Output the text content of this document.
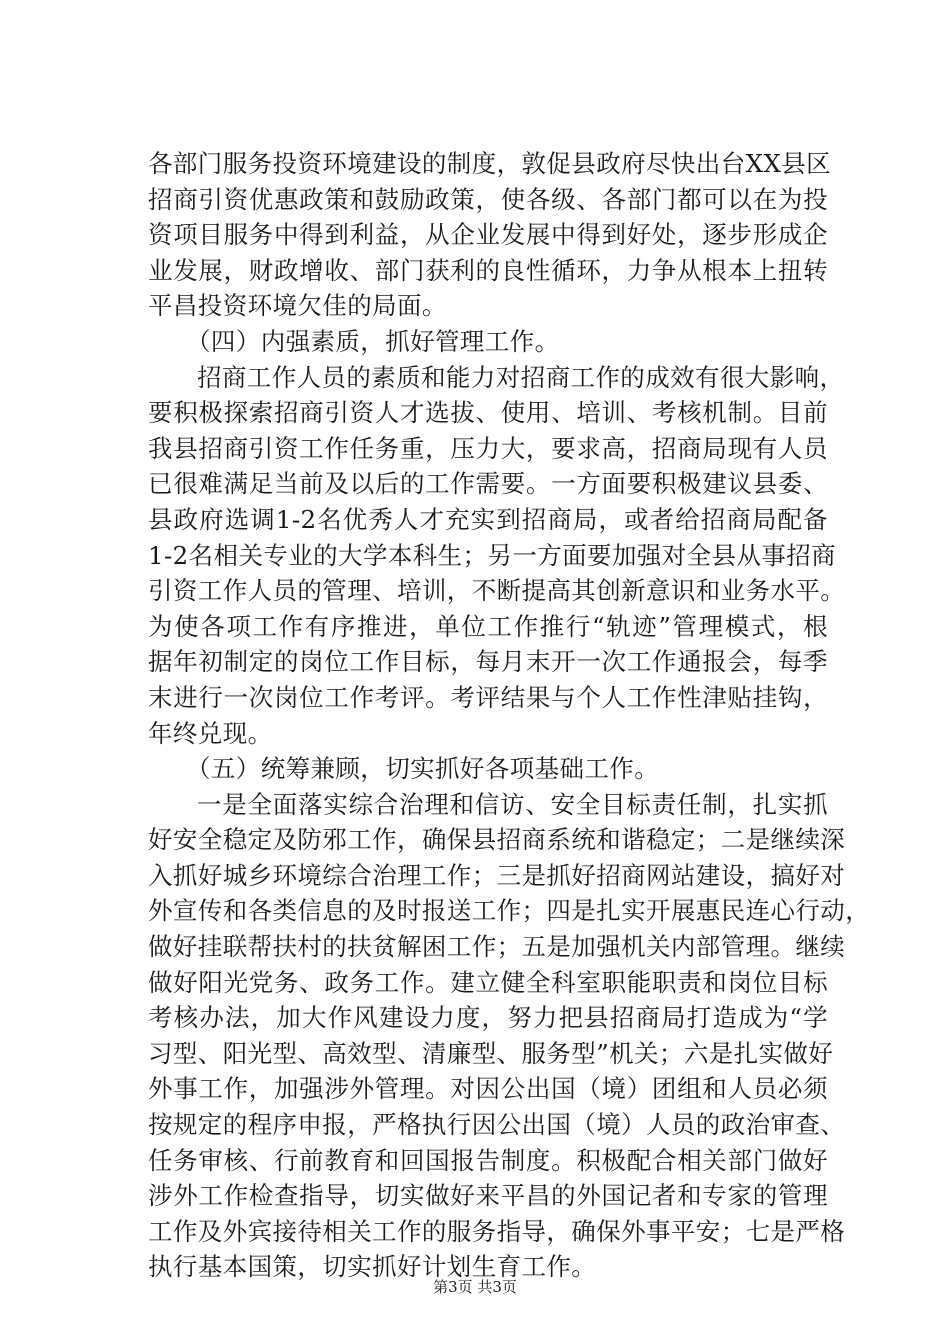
各部门服务投资环境建设的制度，敦促县政府尽快出台XX县区
招商引资优惠政策和鼓励政策，使各级、各部门都可以在为投
资项目服务中得到利益，从企业发展中得到好处，逐步形成企
业发展，财政增收、部门获利的良性循环，力争从根本上扭转
平昌投资环境欠佳的局面。
（四）内强素质，抓好管理工作。
招商工作人员的素质和能力对招商工作的成效有很大影响，
要积极探索招商引资人才选拔、使用、培训、考核机制。目前
我县招商引资工作任务重，压力大，要求高，招商局现有人员
已很难满足当前及以后的工作需要。一方面要积极建议县委、
县政府选调1-2名优秀人才充实到招商局，或者给招商局配备
1-2名相关专业的大学本科生；另一方面要加强对全县从事招商
引资工作人员的管理、培训，不断提高其创新意识和业务水平。
为使各项工作有序推进，单位工作推行“轨迹”管理模式，根
据年初制定的岗位工作目标，每月末开一次工作通报会，每季
末进行一次岗位工作考评。考评结果与个人工作性津贴挂钩，
年终兑现。
（五）统筹兼顾，切实抓好各项基础工作。
一是全面落实综合治理和信访、安全目标责任制，扎实抓
好安全稳定及防邪工作，确保县招商系统和谐稳定；二是继续深
入抓好城乡环境综合治理工作；三是抓好招商网站建设，搞好对
外宣传和各类信息的及时报送工作；四是扎实开展惠民连心行动，
做好挂联帮扶村的扶贫解困工作；五是加强机关内部管理。继续
做好阳光党务、政务工作。建立健全科室职能职责和岗位目标
考核办法，加大作风建设力度，努力把县招商局打造成为“学
习型、阳光型、高效型、清廉型、服务型”机关；六是扎实做好
外事工作，加强涉外管理。对因公出国（境）团组和人员必须
按规定的程序申报，严格执行因公出国（境）人员的政治审查、
任务审核、行前教育和回国报告制度。积极配合相关部门做好
涉外工作检查指导，切实做好来平昌的外国记者和专家的管理
工作及外宾接待相关工作的服务指导，确保外事平安；七是严格
执行基本国策，切实抓好计划生育工作。
第3页 共3页
